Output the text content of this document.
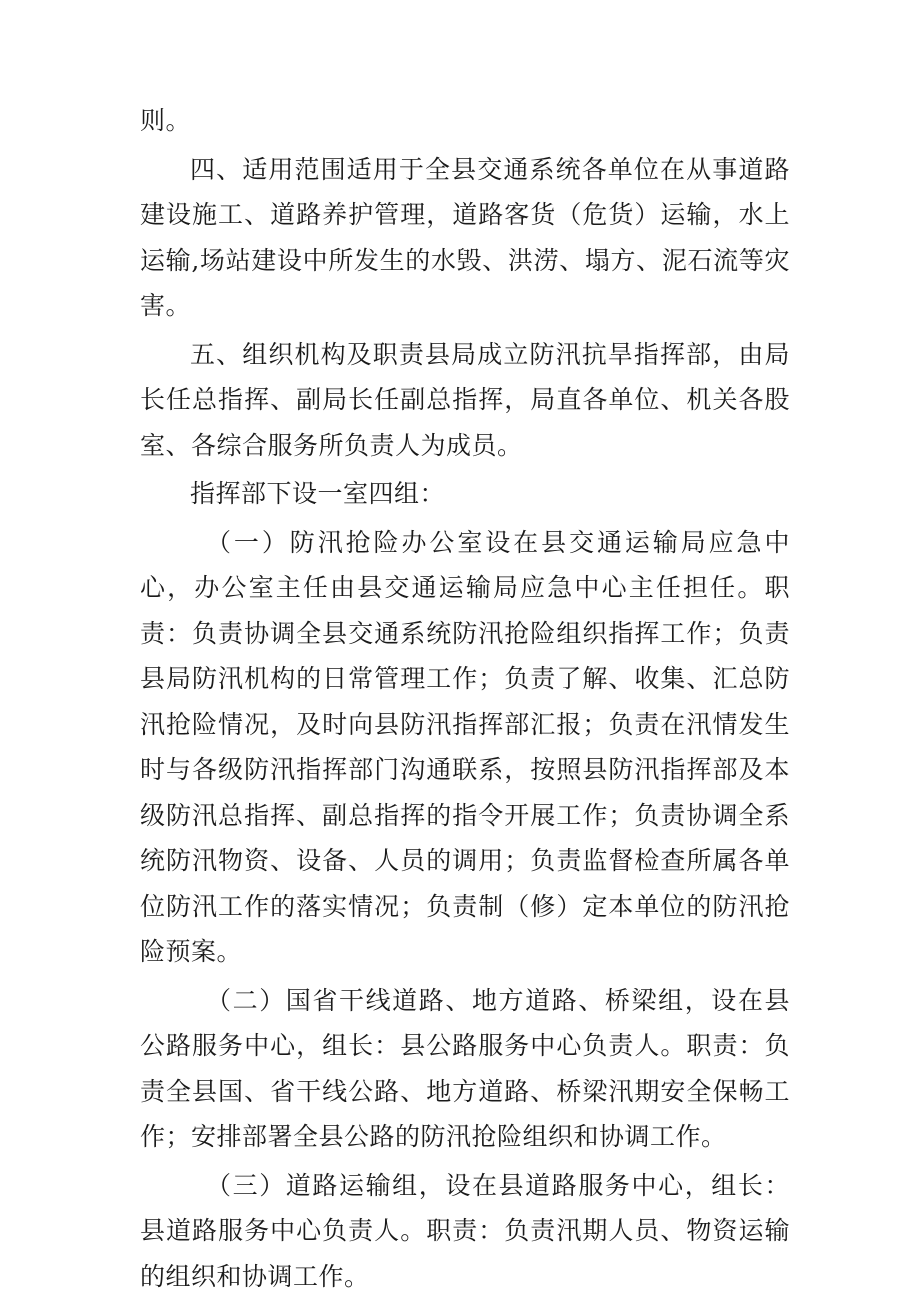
则。

四、适用范围适用于全县交通系统各单位在从事道路建设施工、道路养护管理，道路客货（危货）运输，水上运输,场站建设中所发生的水毁、洪涝、塌方、泥石流等灾害。

五、组织机构及职责县局成立防汛抗旱指挥部，由局长任总指挥、副局长任副总指挥，局直各单位、机关各股室、各综合服务所负责人为成员。

指挥部下设一室四组：

（一）防汛抢险办公室设在县交通运输局应急中心，办公室主任由县交通运输局应急中心主任担任。职责：负责协调全县交通系统防汛抢险组织指挥工作；负责县局防汛机构的日常管理工作；负责了解、收集、汇总防汛抢险情况，及时向县防汛指挥部汇报；负责在汛情发生时与各级防汛指挥部门沟通联系，按照县防汛指挥部及本级防汛总指挥、副总指挥的指令开展工作；负责协调全系统防汛物资、设备、人员的调用；负责监督检查所属各单位防汛工作的落实情况；负责制（修）定本单位的防汛抢险预案。

（二）国省干线道路、地方道路、桥梁组，设在县公路服务中心，组长：县公路服务中心负责人。职责：负责全县国、省干线公路、地方道路、桥梁汛期安全保畅工作；安排部署全县公路的防汛抢险组织和协调工作。

（三）道路运输组，设在县道路服务中心，组长：县道路服务中心负责人。职责：负责汛期人员、物资运输的组织和协调工作。
